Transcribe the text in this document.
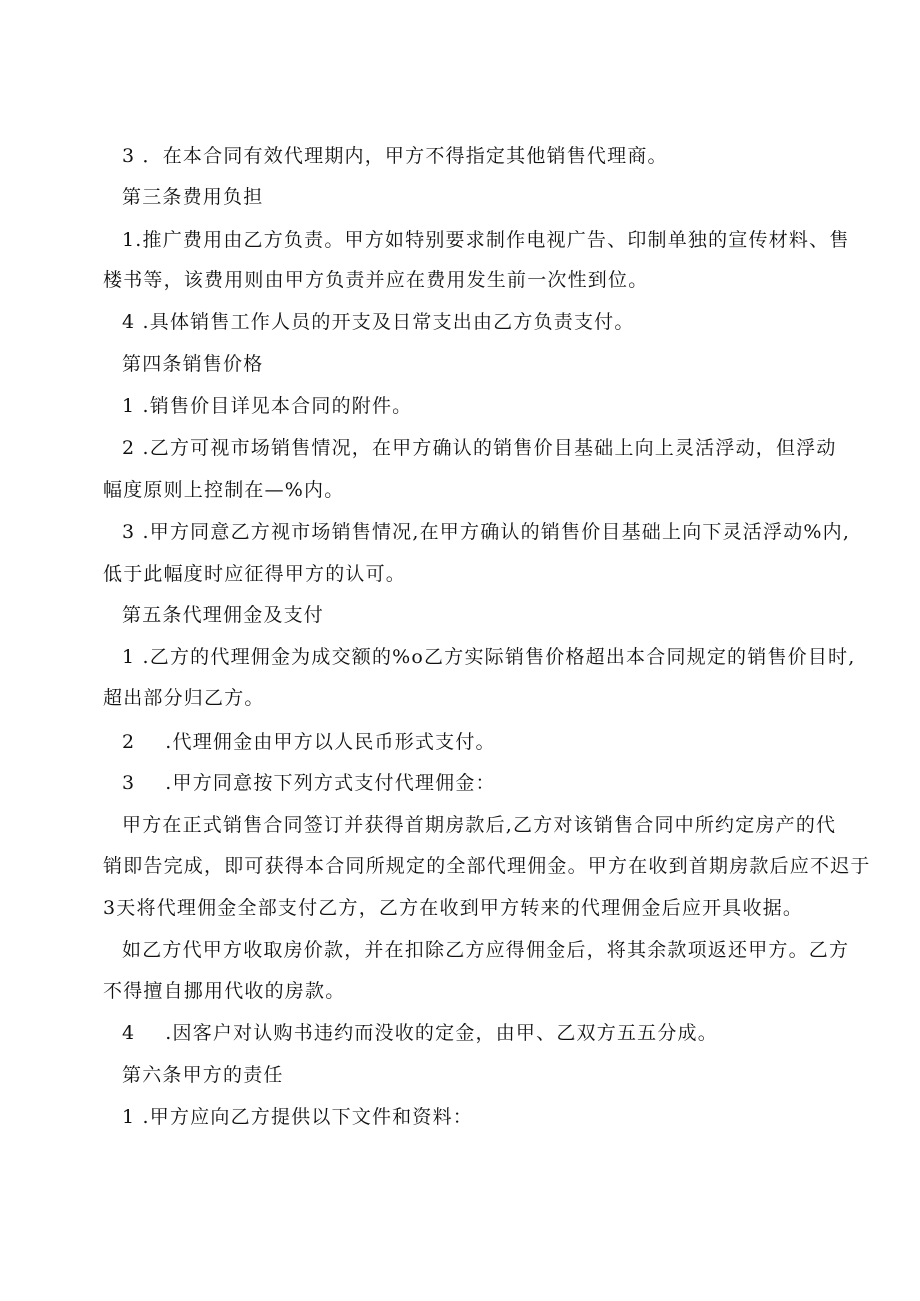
3 ．在本合同有效代理期内，甲方不得指定其他销售代理商。
第三条费用负担
1.推广费用由乙方负责。甲方如特别要求制作电视广告、印制单独的宣传材料、售
楼书等，该费用则由甲方负责并应在费用发生前一次性到位。
4 .具体销售工作人员的开支及日常支出由乙方负责支付。
第四条销售价格
1 .销售价目详见本合同的附件。
2 .乙方可视市场销售情况，在甲方确认的销售价目基础上向上灵活浮动，但浮动
幅度原则上控制在—%内。
3 .甲方同意乙方视市场销售情况,在甲方确认的销售价目基础上向下灵活浮动%内,
低于此幅度时应征得甲方的认可。
第五条代理佣金及支付
1 .乙方的代理佣金为成交额的%o乙方实际销售价格超出本合同规定的销售价目时,
超出部分归乙方。
2 .代理佣金由甲方以人民币形式支付。
3 .甲方同意按下列方式支付代理佣金：
甲方在正式销售合同签订并获得首期房款后,乙方对该销售合同中所约定房产的代
销即告完成，即可获得本合同所规定的全部代理佣金。甲方在收到首期房款后应不迟于
3天将代理佣金全部支付乙方，乙方在收到甲方转来的代理佣金后应开具收据。
如乙方代甲方收取房价款，并在扣除乙方应得佣金后，将其余款项返还甲方。乙方
不得擅自挪用代收的房款。
4 .因客户对认购书违约而没收的定金，由甲、乙双方五五分成。
第六条甲方的责任
1 .甲方应向乙方提供以下文件和资料：
